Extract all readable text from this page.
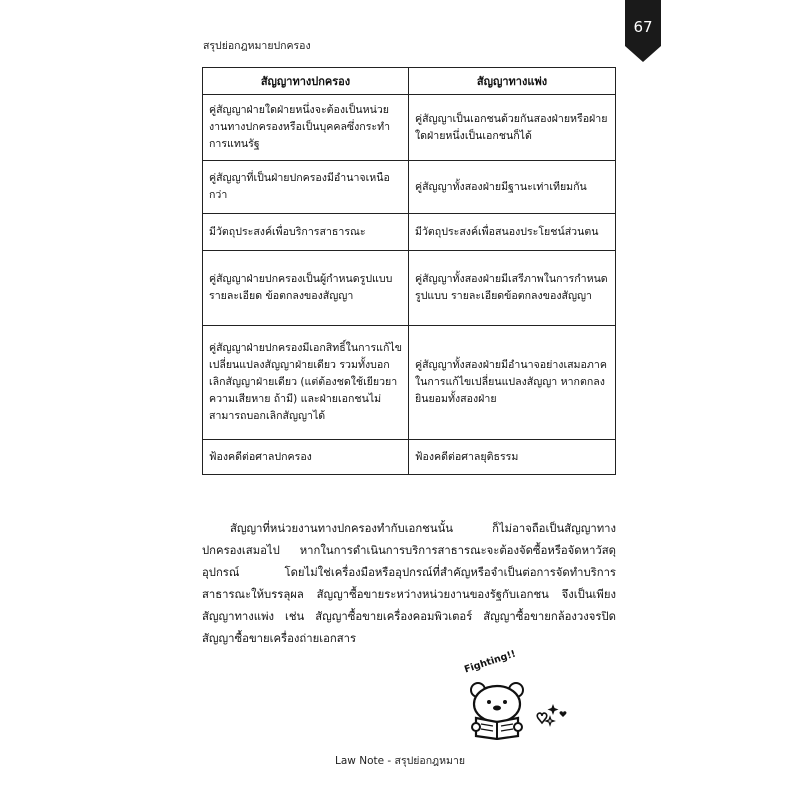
67
สรุปย่อกฎหมายปกครอง
สัญญาทางปกครอง	สัญญาทางแพ่ง
คู่สัญญาฝ่ายใดฝ่ายหนึ่งจะต้องเป็นหน่วยงานทางปกครองหรือเป็นบุคคลซึ่งกระทำการแทนรัฐ	คู่สัญญาเป็นเอกชนด้วยกันสองฝ่ายหรือฝ่ายใดฝ่ายหนึ่งเป็นเอกชนก็ได้
คู่สัญญาที่เป็นฝ่ายปกครองมีอำนาจเหนือกว่า	คู่สัญญาทั้งสองฝ่ายมีฐานะเท่าเทียมกัน
มีวัตถุประสงค์เพื่อบริการสาธารณะ	มีวัตถุประสงค์เพื่อสนองประโยชน์ส่วนตน
คู่สัญญาฝ่ายปกครองเป็นผู้กำหนดรูปแบบ รายละเอียด ข้อตกลงของสัญญา	คู่สัญญาทั้งสองฝ่ายมีเสรีภาพในการกำหนดรูปแบบ รายละเอียดข้อตกลงของสัญญา
คู่สัญญาฝ่ายปกครองมีเอกสิทธิ์ในการแก้ไขเปลี่ยนแปลงสัญญาฝ่ายเดียว รวมทั้งบอกเลิกสัญญาฝ่ายเดียว (แต่ต้องชดใช้เยียวยาความเสียหาย ถ้ามี) และฝ่ายเอกชนไม่สามารถบอกเลิกสัญญาได้	คู่สัญญาทั้งสองฝ่ายมีอำนาจอย่างเสมอภาคในการแก้ไขเปลี่ยนแปลงสัญญา หากตกลงยินยอมทั้งสองฝ่าย
ฟ้องคดีต่อศาลปกครอง	ฟ้องคดีต่อศาลยุติธรรม
สัญญาที่หน่วยงานทางปกครองทำกับเอกชนนั้น ก็ไม่อาจถือเป็นสัญญาทางปกครองเสมอไป หากในการดำเนินการบริการสาธารณะจะต้องจัดซื้อหรือจัดหาวัสดุอุปกรณ์ โดยไม่ใช่เครื่องมือหรืออุปกรณ์ที่สำคัญหรือจำเป็นต่อการจัดทำบริการสาธารณะให้บรรลุผล สัญญาซื้อขายระหว่างหน่วยงานของรัฐกับเอกชน จึงเป็นเพียงสัญญาทางแพ่ง เช่น สัญญาซื้อขายเครื่องคอมพิวเตอร์ สัญญาซื้อขายกล้องวงจรปิด สัญญาซื้อขายเครื่องถ่ายเอกสาร
Fighting!!
Law Note - สรุปย่อกฎหมาย
